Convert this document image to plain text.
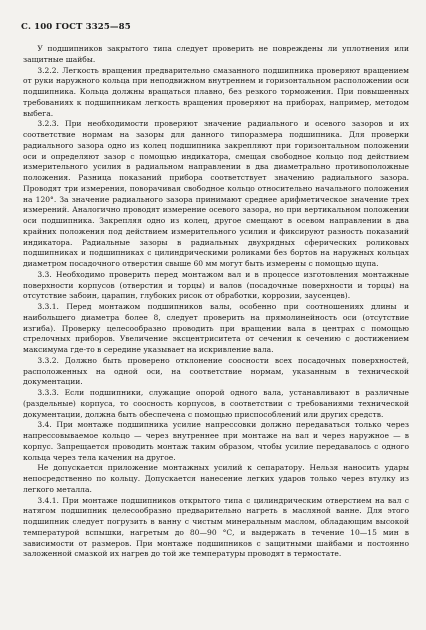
С. 100 ГОСТ 3325—85

У подшипников закрытого типа следует проверить не повреждены ли уплотнения или защитные шайбы.

3.2.2. Легкость вращения предварительно смазанного подшипника проверяют вращением от руки наружного кольца при неподвижном внутреннем и горизонтальном расположении оси подшипника. Кольца должны вращаться плавно, без резкого торможения. При повышенных требованиях к подшипникам легкость вращения проверяют на приборах, например, методом выбега.

3.2.3. При необходимости проверяют значение радиального и осевого зазоров и их соответствие нормам на зазоры для данного типоразмера подшипника. Для проверки радиального зазора одно из колец подшипника закрепляют при горизонтальном положении оси и определяют зазор с помощью индикатора, смещая свободное кольцо под действием измерительного усилия в радиальном направлении в два диаметрально противоположные положения. Разница показаний прибора соответствует значению радиального зазора. Проводят три измерения, поворачивая свободное кольцо относительно начального положения на 120°. За значение радиального зазора принимают среднее арифметическое значение трех измерений. Аналогично проводят измерение осевого зазора, но при вертикальном положении оси подшипника. Закрепляя одно из колец, другое смещают в осевом направлении в два крайних положения под действием измерительного усилия и фиксируют разность показаний индикатора. Радиальные зазоры в радиальных двухрядных сферических роликовых подшипниках и подшипниках с цилиндрическими роликами без бортов на наружных кольцах диаметром посадочного отверстия свыше 60 мм могут быть измерены с помощью щупа.

3.3. Необходимо проверить перед монтажом вал и в процессе изготовления монтажные поверхности корпусов (отверстия и торцы) и валов (посадочные поверхности и торцы) на отсутствие забоин, царапин, глубоких рисок от обработки, коррозии, заусенцев).

3.3.1. Перед монтажом подшипников валы, особенно при соотношениях длины и наибольшего диаметра более 8, следует проверить на прямолинейность оси (отсутствие изгиба). Проверку целесообразно проводить при вращении вала в центрах с помощью стрелочных приборов. Увеличение эксцентриситета от сечения к сечению с достижением максимума где-то в середине указывает на искривление вала.

3.3.2. Должно быть проверено отклонение соосности всех посадочных поверхностей, расположенных на одной оси, на соответствие нормам, указанным в технической документации.

3.3.3. Если подшипники, служащие опорой одного вала, устанавливают в различные (раздельные) корпуса, то соосность корпусов, в соответствии с требованиями технической документации, должна быть обеспечена с помощью приспособлений или других средств.

3.4. При монтаже подшипника усилие напрессовки должно передаваться только через напрессовываемое кольцо — через внутреннее при монтаже на вал и через наружное — в корпус. Запрещается проводить монтаж таким образом, чтобы усилие передавалось с одного кольца через тела качения на другое.

Не допускается приложение монтажных усилий к сепаратору. Нельзя наносить удары непосредственно по кольцу. Допускается нанесение легких ударов только через втулку из легкого металла.

3.4.1. При монтаже подшипников открытого типа с цилиндрическим отверстием на вал с натягом подшипник целесообразно предварительно нагреть в масляной ванне. Для этого подшипник следует погрузить в ванну с чистым минеральным маслом, обладающим высокой температурой вспышки, нагретым до 80—90 °С, и выдержать в течение 10—15 мин в зависимости от размеров. При монтаже подшипников с защитными шайбами и постоянно заложенной смазкой их нагрев до той же температуры проводят в термостате.
